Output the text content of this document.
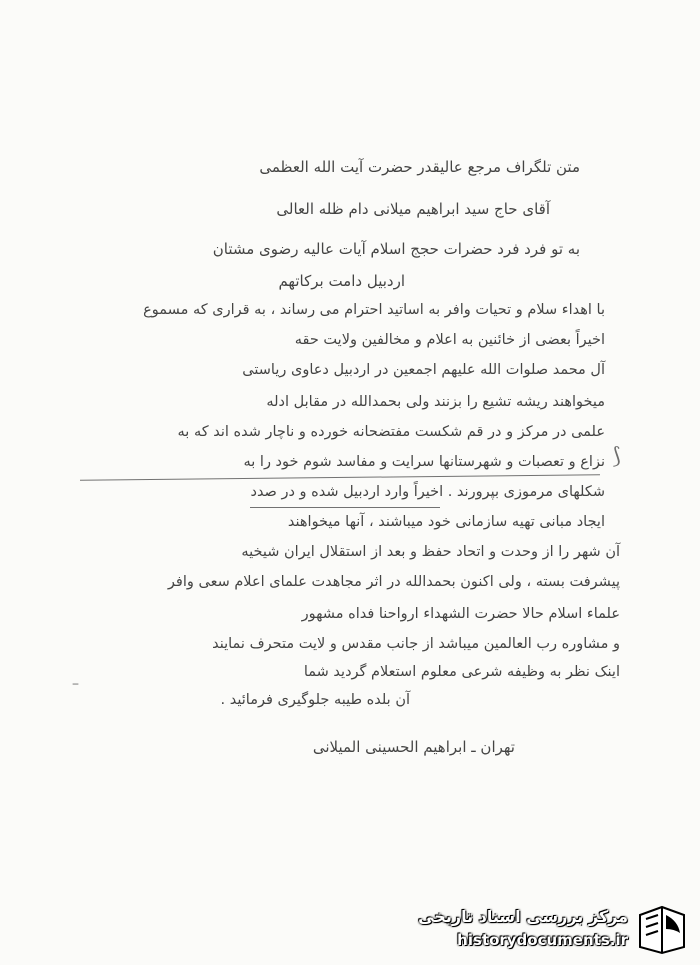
متن تلگراف مرجع عالیقدر حضرت آیت الله العظمی
آقای حاج سید ابراهیم میلانی دام ظله العالی
به تو فرد فرد حضرات حجج اسلام آیات عالیه رضوی مشتان
اردبیل دامت برکاتهم
با اهداء سلام و تحیات وافر به اساتید احترام می رساند ، به قراری که مسموع
اخیراً بعضی از خائنین به اعلام و مخالفین ولایت حقه
آل محمد صلوات الله علیهم اجمعین در اردبیل دعاوی ریاستی
میخواهند ریشه تشیع را بزنند ولی بحمدالله در مقابل ادله
علمی در مرکز و در قم شکست مفتضحانه خورده و ناچار شده اند که به
نزاع و تعصبات و شهرستانها سرایت و مفاسد شوم خود را به
شکلهای مرموزی بپرورند . اخیراً وارد اردبیل شده و در صدد
ایجاد مبانی تهیه سازمانی خود میباشند ، آنها میخواهند
آن شهر را از وحدت و اتحاد حفظ و بعد از استقلال ایران شیخیه
پیشرفت بسته ، ولی اکنون بحمدالله در اثر مجاهدت علمای اعلام سعی وافر
علماء اسلام حالا حضرت الشهداء ارواحنا فداه مشهور
و مشاوره رب العالمین میباشد از جانب مقدس و لایت متحرف نمایند
اینک نظر به وظیفه شرعی معلوم استعلام گردید شما
آن بلده طیبه جلوگیری فرمائید .
تهران ـ ابراهیم الحسینی المیلانی
⟆
–
مرکز بررسی اسناد تاریخی
historydocuments.ir
